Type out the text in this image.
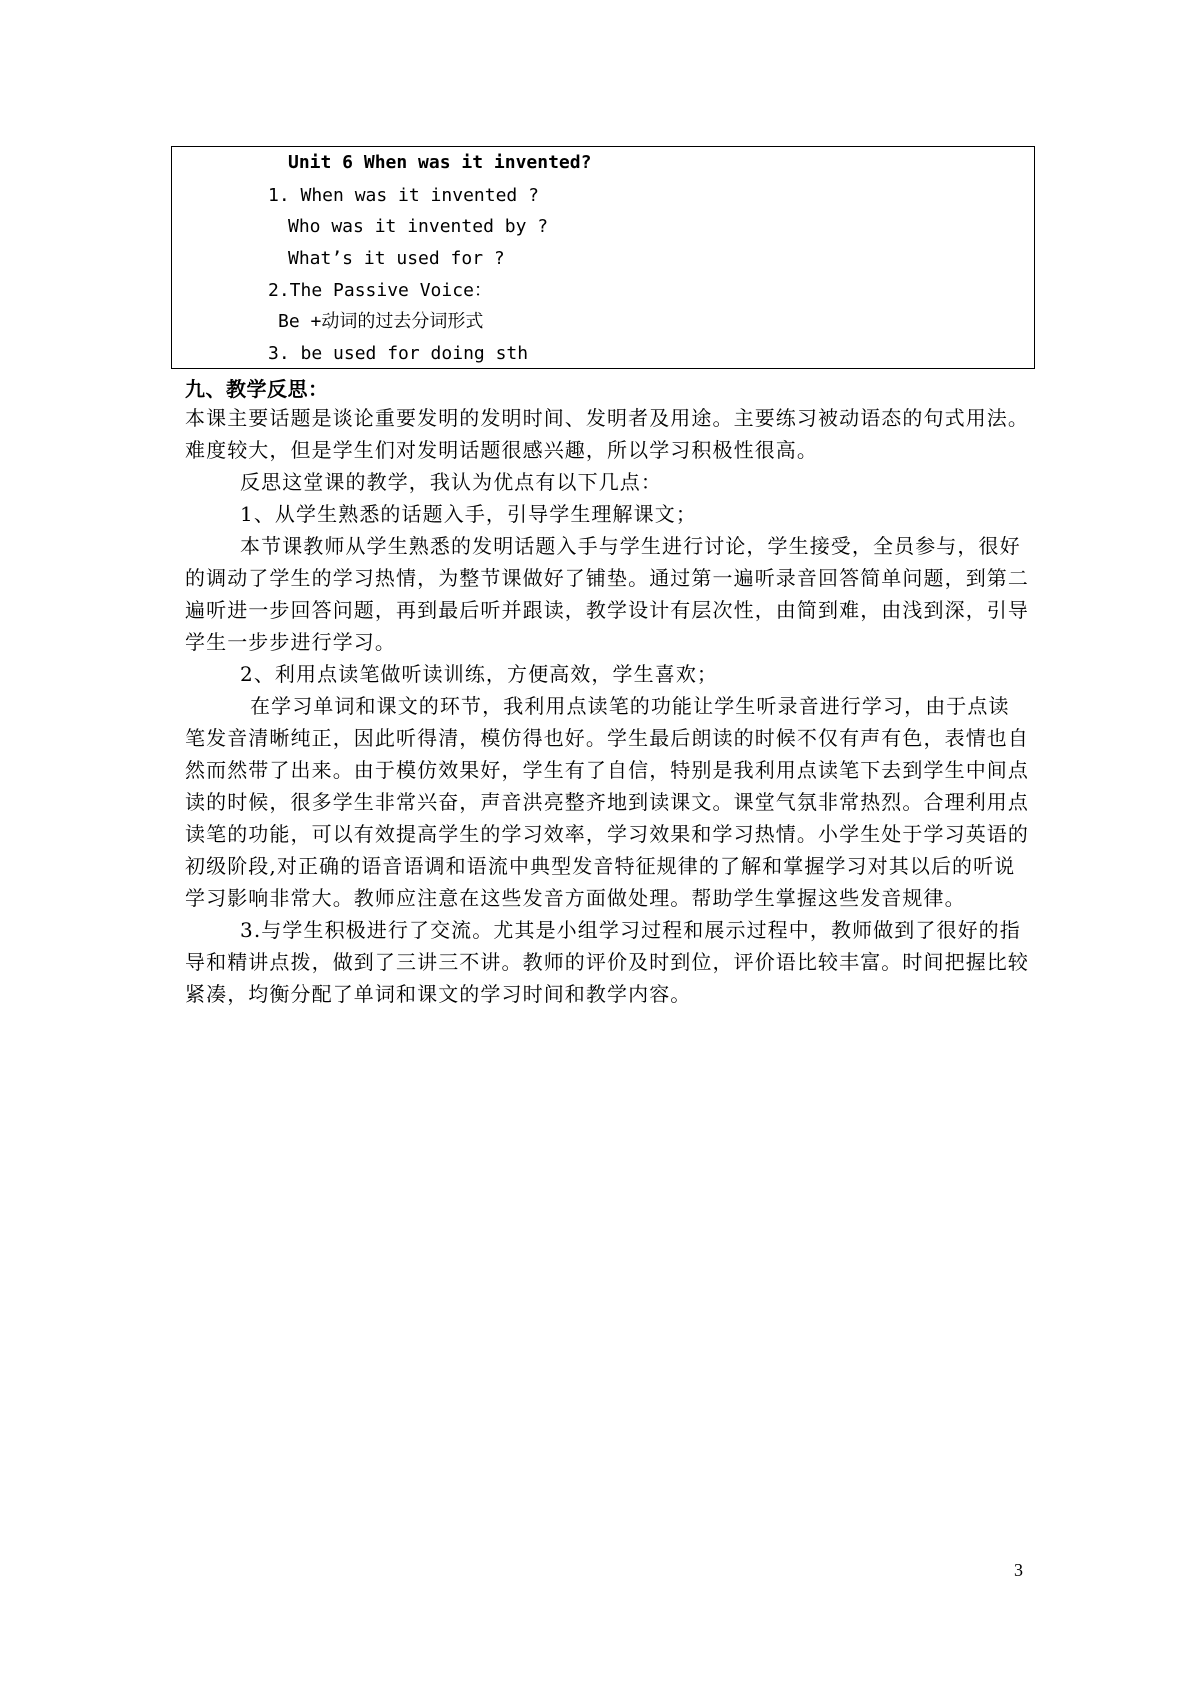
Unit 6 When was it invented?
1. When was it invented ?
Who was it invented by ?
What’s it used for ?
2.The Passive Voice：
Be +动词的过去分词形式
3. be used for doing sth
九、教学反思：
本课主要话题是谈论重要发明的发明时间、发明者及用途。主要练习被动语态的句式用法。
难度较大，但是学生们对发明话题很感兴趣，所以学习积极性很高。
反思这堂课的教学，我认为优点有以下几点：
1、从学生熟悉的话题入手，引导学生理解课文；
本节课教师从学生熟悉的发明话题入手与学生进行讨论，学生接受，全员参与，很好
的调动了学生的学习热情，为整节课做好了铺垫。通过第一遍听录音回答简单问题，到第二
遍听进一步回答问题，再到最后听并跟读，教学设计有层次性，由简到难，由浅到深，引导
学生一步步进行学习。
2、利用点读笔做听读训练，方便高效，学生喜欢；
在学习单词和课文的环节，我利用点读笔的功能让学生听录音进行学习，由于点读
笔发音清晰纯正，因此听得清，模仿得也好。学生最后朗读的时候不仅有声有色，表情也自
然而然带了出来。由于模仿效果好，学生有了自信，特别是我利用点读笔下去到学生中间点
读的时候，很多学生非常兴奋，声音洪亮整齐地到读课文。课堂气氛非常热烈。合理利用点
读笔的功能，可以有效提高学生的学习效率，学习效果和学习热情。小学生处于学习英语的
初级阶段,对正确的语音语调和语流中典型发音特征规律的了解和掌握学习对其以后的听说
学习影响非常大。教师应注意在这些发音方面做处理。帮助学生掌握这些发音规律。
3.与学生积极进行了交流。尤其是小组学习过程和展示过程中，教师做到了很好的指
导和精讲点拨，做到了三讲三不讲。教师的评价及时到位，评价语比较丰富。时间把握比较
紧凑，均衡分配了单词和课文的学习时间和教学内容。
3
